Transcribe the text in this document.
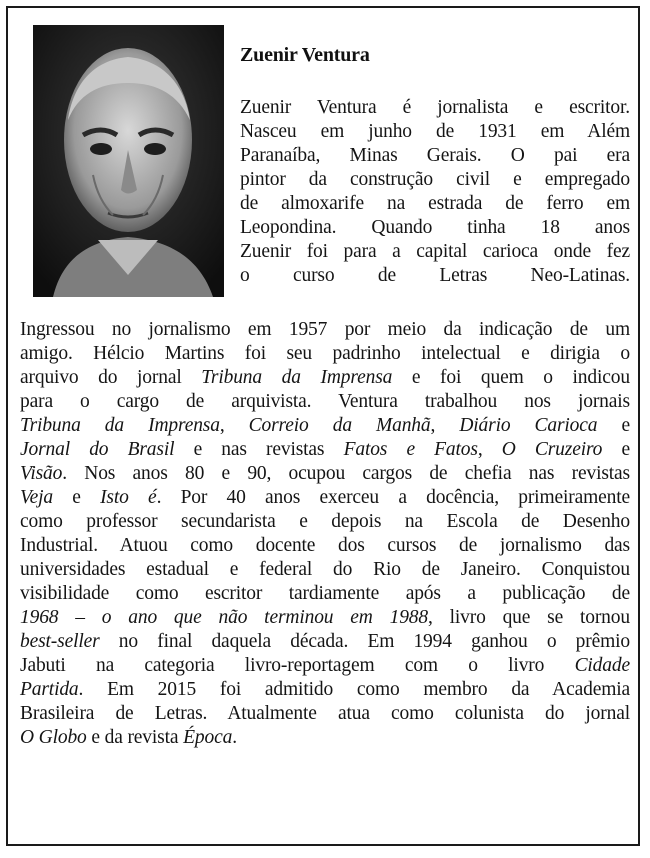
Zuenir Ventura
Zuenir Ventura é jornalista e escritor.
Nasceu em junho de 1931 em Além
Paranaíba, Minas Gerais. O pai era
pintor da construção civil e empregado
de almoxarife na estrada de ferro em
Leopondina. Quando tinha 18 anos
Zuenir foi para a capital carioca onde fez
o curso de Letras Neo-Latinas.
Ingressou no jornalismo em 1957 por meio da indicação de um
amigo. Hélcio Martins foi seu padrinho intelectual e dirigia o
arquivo do jornal Tribuna da Imprensa e foi quem o indicou
para o cargo de arquivista. Ventura trabalhou nos jornais
Tribuna da Imprensa, Correio da Manhã, Diário Carioca e
Jornal do Brasil e nas revistas Fatos e Fatos, O Cruzeiro e
Visão. Nos anos 80 e 90, ocupou cargos de chefia nas revistas
Veja e Isto é. Por 40 anos exerceu a docência, primeiramente
como professor secundarista e depois na Escola de Desenho
Industrial. Atuou como docente dos cursos de jornalismo das
universidades estadual e federal do Rio de Janeiro. Conquistou
visibilidade como escritor tardiamente após a publicação de
1968 – o ano que não terminou em 1988, livro que se tornou
best-seller no final daquela década. Em 1994 ganhou o prêmio
Jabuti na categoria livro-reportagem com o livro Cidade
Partida. Em 2015 foi admitido como membro da Academia
Brasileira de Letras. Atualmente atua como colunista do jornal
O Globo e da revista Época.
